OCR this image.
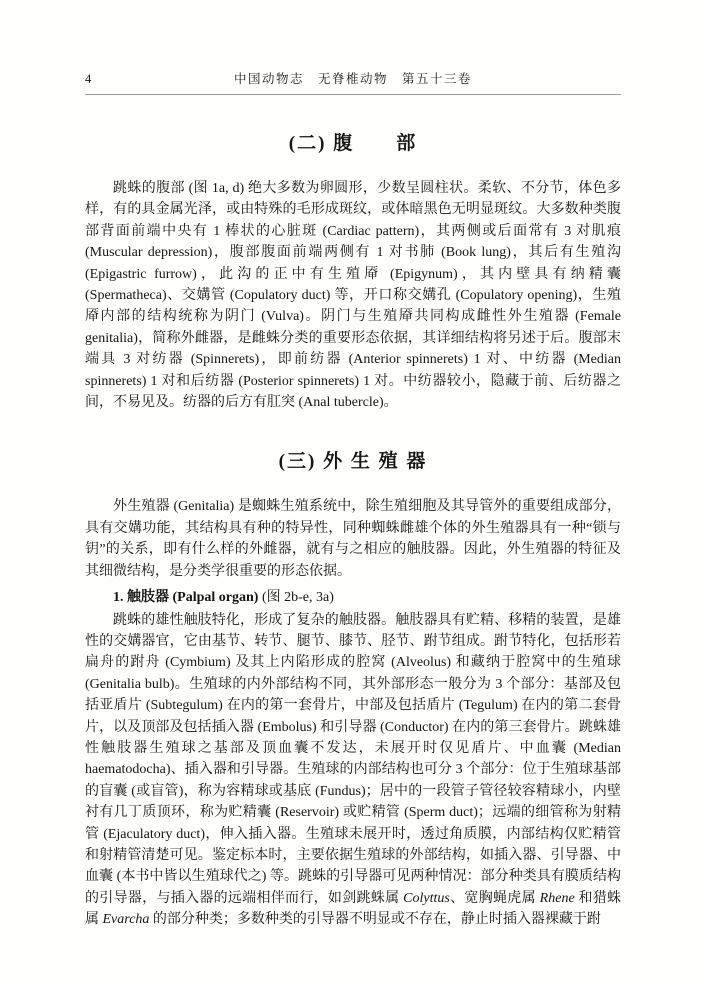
4	中国动物志　无脊椎动物　第五十三卷
(二) 腹　　部

跳蛛的腹部 (图 1a, d) 绝大多数为卵圆形，少数呈圆柱状。柔软、不分节，体色多样，有的具金属光泽，或由特殊的毛形成斑纹，或体暗黑色无明显斑纹。大多数种类腹部背面前端中央有 1 棒状的心脏斑 (Cardiac pattern)，其两侧或后面常有 3 对肌痕 (Muscular depression)，腹部腹面前端两侧有 1 对书肺 (Book lung)，其后有生殖沟 (Epigastric furrow)，此沟的正中有生殖厣 (Epigynum)，其内壁具有纳精囊 (Spermatheca)、交媾管 (Copulatory duct) 等，开口称交媾孔 (Copulatory opening)，生殖厣内部的结构统称为阴门 (Vulva)。阴门与生殖厣共同构成雌性外生殖器 (Female genitalia)，简称外雌器，是雌蛛分类的重要形态依据，其详细结构将另述于后。腹部末端具 3 对纺器 (Spinnerets)，即前纺器 (Anterior spinnerets) 1 对、中纺器 (Median spinnerets) 1 对和后纺器 (Posterior spinnerets) 1 对。中纺器较小，隐藏于前、后纺器之间，不易见及。纺器的后方有肛突 (Anal tubercle)。

(三) 外 生 殖 器

外生殖器 (Genitalia) 是蜘蛛生殖系统中，除生殖细胞及其导管外的重要组成部分，具有交媾功能，其结构具有种的特异性，同种蜘蛛雌雄个体的外生殖器具有一种“锁与钥”的关系，即有什么样的外雌器，就有与之相应的触肢器。因此，外生殖器的特征及其细微结构，是分类学很重要的形态依据。

1. 触肢器 (Palpal organ) (图 2b-e, 3a)

跳蛛的雄性触肢特化，形成了复杂的触肢器。触肢器具有贮精、移精的装置，是雄性的交媾器官，它由基节、转节、腿节、膝节、胫节、跗节组成。跗节特化，包括形若扁舟的跗舟 (Cymbium) 及其上内陷形成的腔窝 (Alveolus) 和藏纳于腔窝中的生殖球 (Genitalia bulb)。生殖球的内外部结构不同，其外部形态一般分为 3 个部分：基部及包括亚盾片 (Subtegulum) 在内的第一套骨片，中部及包括盾片 (Tegulum) 在内的第二套骨片，以及顶部及包括插入器 (Embolus) 和引导器 (Conductor) 在内的第三套骨片。跳蛛雄性触肢器生殖球之基部及顶血囊不发达，未展开时仅见盾片、中血囊 (Median haematodocha)、插入器和引导器。生殖球的内部结构也可分 3 个部分：位于生殖球基部的盲囊 (或盲管)，称为容精球或基底 (Fundus)；居中的一段管子管径较容精球小，内壁衬有几丁质顶环，称为贮精囊 (Reservoir) 或贮精管 (Sperm duct)；远端的细管称为射精管 (Ejaculatory duct)，伸入插入器。生殖球未展开时，透过角质膜，内部结构仅贮精管和射精管清楚可见。鉴定标本时，主要依据生殖球的外部结构，如插入器、引导器、中血囊 (本书中皆以生殖球代之) 等。跳蛛的引导器可见两种情况：部分种类具有膜质结构的引导器，与插入器的远端相伴而行，如剑跳蛛属 Colyttus、宽胸蝇虎属 Rhene 和猎蛛属 Evarcha 的部分种类；多数种类的引导器不明显或不存在，静止时插入器裸藏于跗
